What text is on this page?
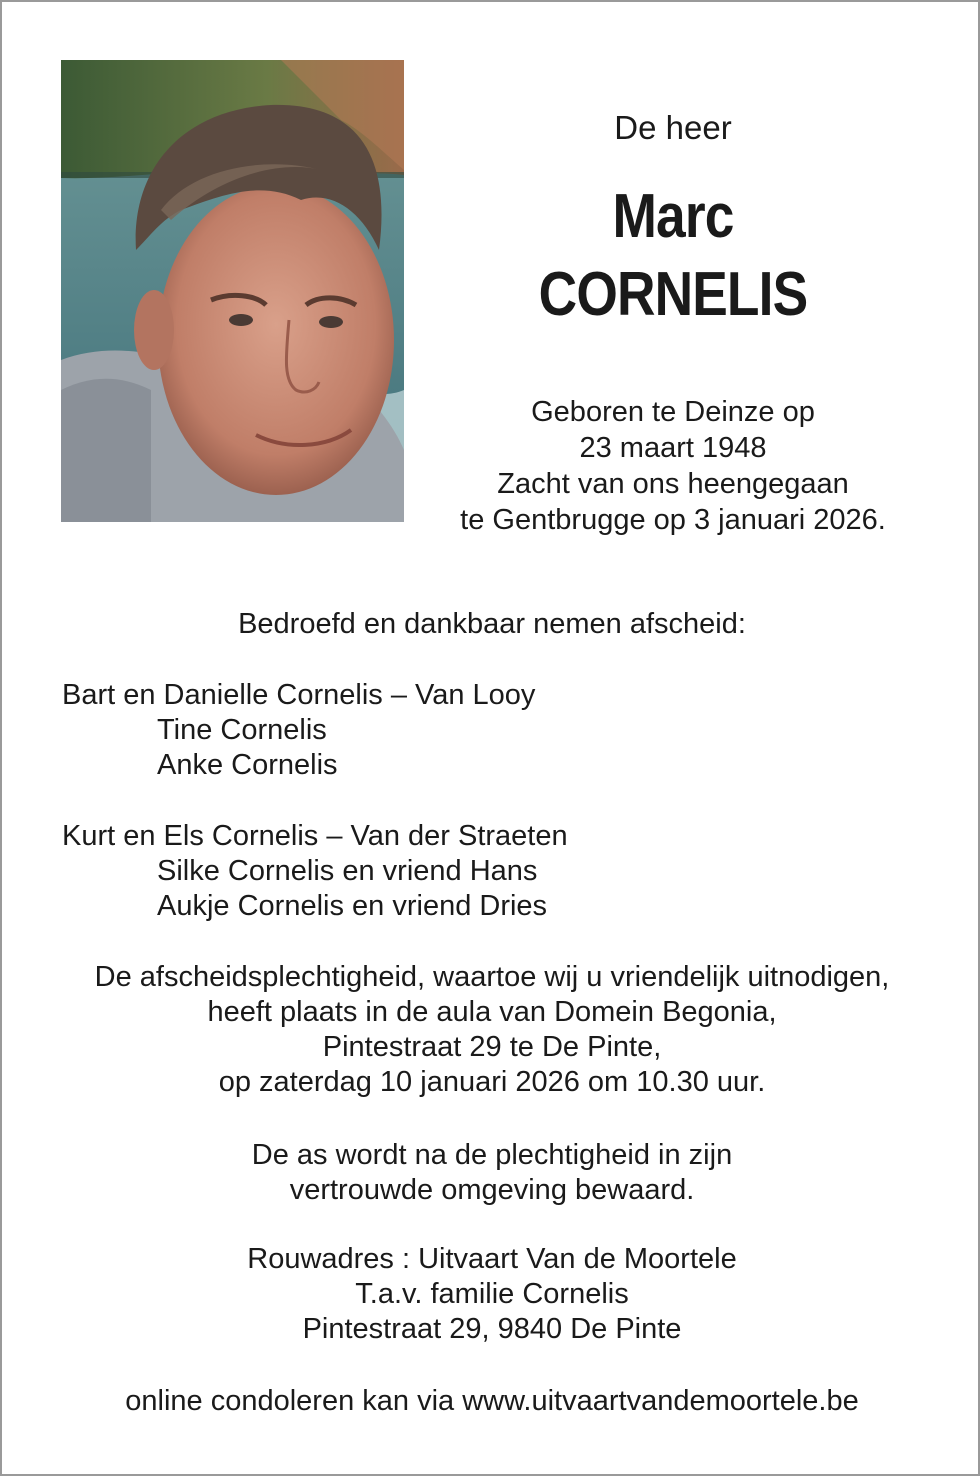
De heer

Marc

CORNELIS

Geboren te Deinze op
23 maart 1948
Zacht van ons heengegaan
te Gentbrugge op 3 januari 2026.

Bedroefd en dankbaar nemen afscheid:

Bart en Danielle Cornelis – Van Looy

Tine Cornelis

Anke Cornelis

Kurt en Els Cornelis – Van der Straeten

Silke Cornelis en vriend Hans

Aukje Cornelis en vriend Dries

De afscheidsplechtigheid, waartoe wij u vriendelijk uitnodigen,

heeft plaats in de aula van Domein Begonia,

Pintestraat 29 te De Pinte,

op zaterdag 10 januari 2026 om 10.30 uur.

De as wordt na de plechtigheid in zijn

vertrouwde omgeving bewaard.

Rouwadres : Uitvaart Van de Moortele

T.a.v. familie Cornelis

Pintestraat 29, 9840 De Pinte

online condoleren kan via www.uitvaartvandemoortele.be
